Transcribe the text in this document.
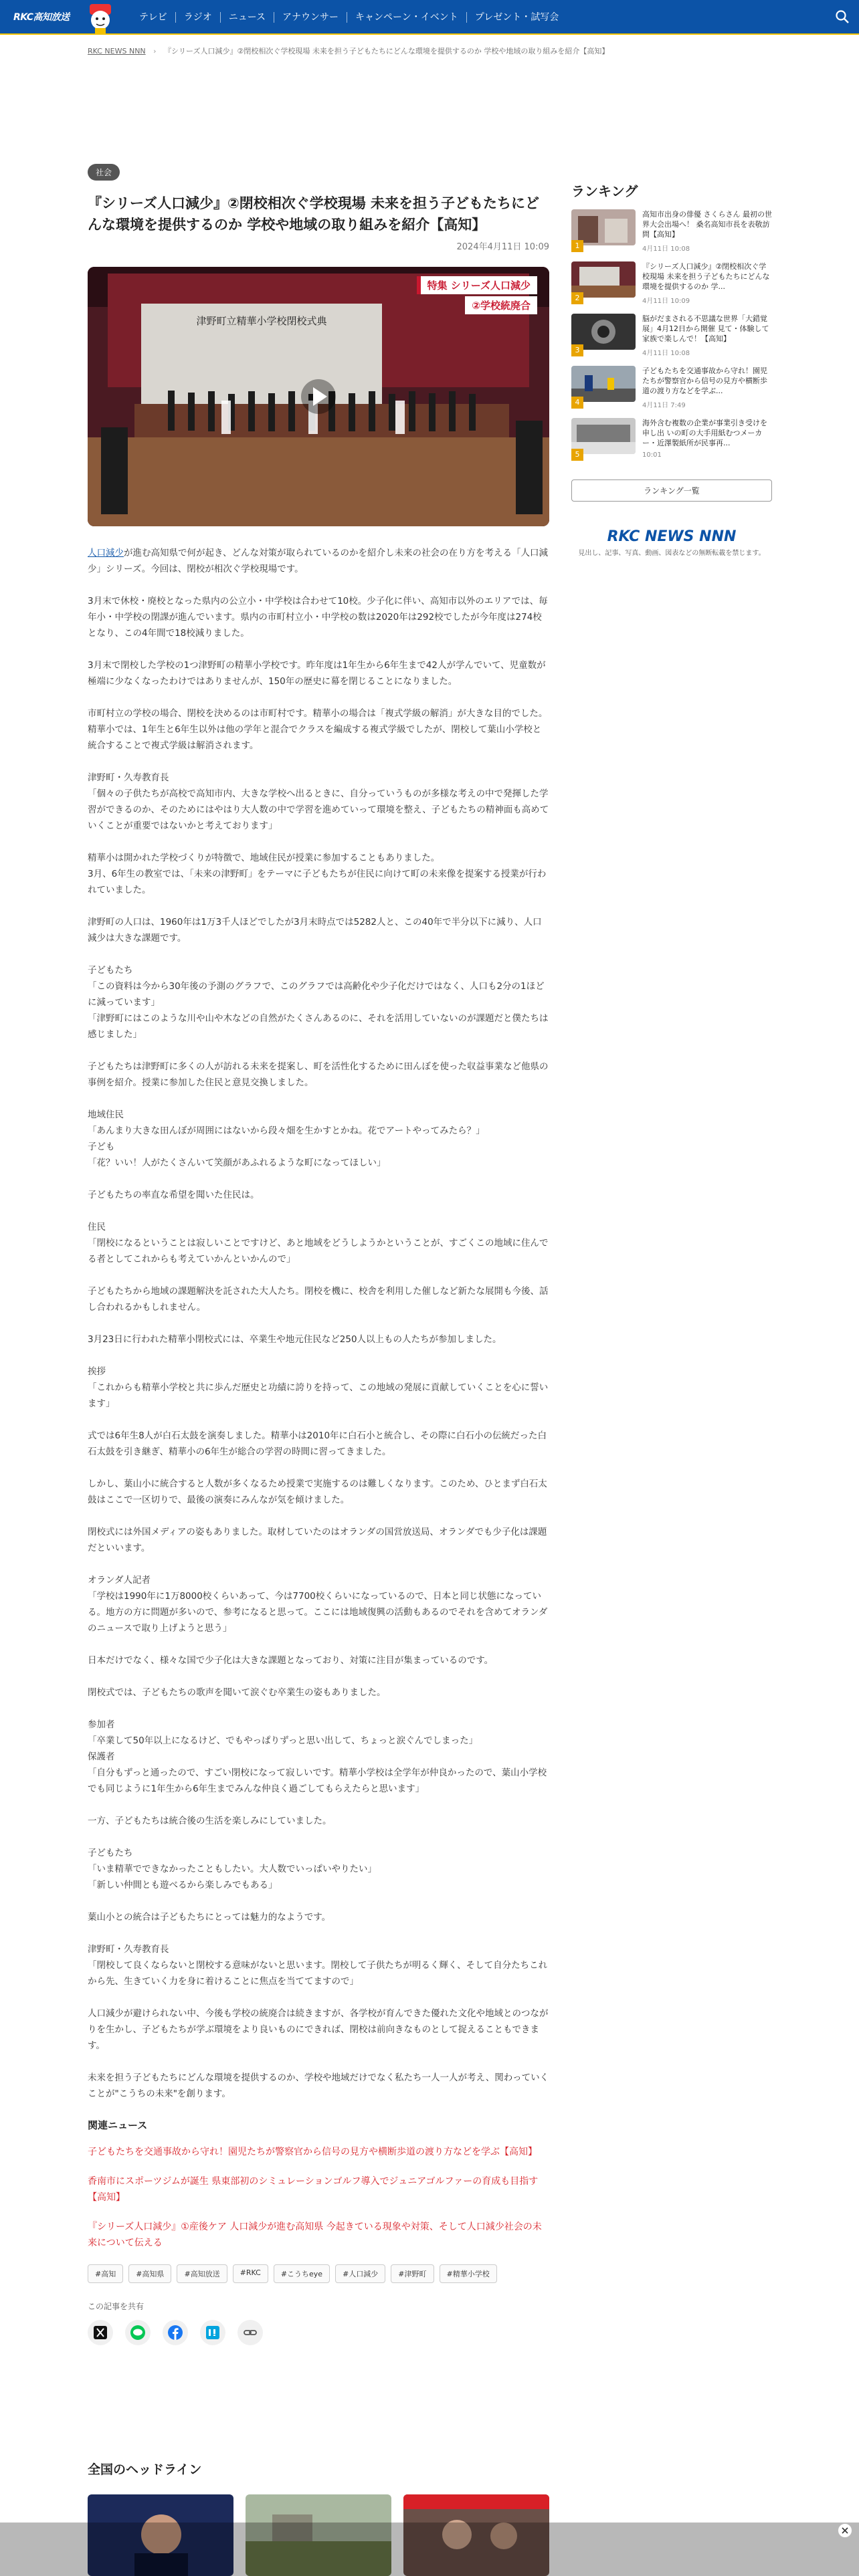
RKC高知放送	テレビ	ラジオ	ニュース	アナウンサー	キャンペーン・イベント	プレゼント・試写会
RKC NEWS NNN › 『シリーズ人口減少』②閉校相次ぐ学校現場 未来を担う子どもたちにどんな環境を提供するのか 学校や地域の取り組みを紹介【高知】
社会
『シリーズ人口減少』②閉校相次ぐ学校現場 未来を担う子どもたちにどんな環境を提供するのか 学校や地域の取り組みを紹介【高知】
2024年4月11日 10:09
津野町立精華小学校閉校式典
特集 シリーズ人口減少
②学校統廃合

人口減少が進む高知県で何が起き、どんな対策が取られているのかを紹介し未来の社会の在り方を考える「人口減少」シリーズ。今回は、閉校が相次ぐ学校現場です。

3月末で休校・廃校となった県内の公立小・中学校は合わせて10校。少子化に伴い、高知市以外のエリアでは、毎年小・中学校の閉課が進んでいます。県内の市町村立小・中学校の数は2020年は292校でしたが今年度は274校となり、この4年間で18校減りました。

3月末で閉校した学校の1つ津野町の精華小学校です。昨年度は1年生から6年生まで42人が学んでいて、児童数が極端に少なくなったわけではありませんが、150年の歴史に幕を閉じることになりました。

市町村立の学校の場合、閉校を決めるのは市町村です。精華小の場合は「複式学級の解消」が大きな目的でした。精華小では、1年生と6年生以外は他の学年と混合でクラスを編成する複式学級でしたが、閉校して葉山小学校と統合することで複式学級は解消されます。

津野町・久寿教育長
「個々の子供たちが高校で高知市内、大きな学校へ出るときに、自分っていうものが多様な考えの中で発揮した学習ができるのか、そのためにはやはり大人数の中で学習を進めていって環境を整え、子どもたちの精神面も高めていくことが重要ではないかと考えております」

精華小は開かれた学校づくりが特徴で、地域住民が授業に参加することもありました。
3月、6年生の教室では、「未来の津野町」をテーマに子どもたちが住民に向けて町の未来像を提案する授業が行われていました。

津野町の人口は、1960年は1万3千人ほどでしたが3月末時点では5282人と、この40年で半分以下に減り、人口減少は大きな課題です。

子どもたち
「この資料は今から30年後の予測のグラフで、このグラフでは高齢化や少子化だけではなく、人口も2分の1ほどに減っています」
「津野町にはこのような川や山や木などの自然がたくさんあるのに、それを活用していないのが課題だと僕たちは感じました」

子どもたちは津野町に多くの人が訪れる未来を提案し、町を活性化するために田んぼを使った収益事業など他県の事例を紹介。授業に参加した住民と意見交換しました。

地域住民
「あんまり大きな田んぼが周囲にはないから段々畑を生かすとかね。花でアートやってみたら？」
子ども
「花？いい！人がたくさんいて笑顔があふれるような町になってほしい」

子どもたちの率直な希望を聞いた住民は。

住民
「閉校になるということは寂しいことですけど、あと地域をどうしようかということが、すごくこの地域に住んでる者としてこれからも考えていかんといかんので」

子どもたちから地域の課題解決を託された大人たち。閉校を機に、校舎を利用した催しなど新たな展開も今後、話し合われるかもしれません。

3月23日に行われた精華小閉校式には、卒業生や地元住民など250人以上もの人たちが参加しました。

挨拶
「これからも精華小学校と共に歩んだ歴史と功績に誇りを持って、この地域の発展に貢献していくことを心に誓います」

式では6年生8人が白石太鼓を演奏しました。精華小は2010年に白石小と統合し、その際に白石小の伝統だった白石太鼓を引き継ぎ、精華小の6年生が総合の学習の時間に習ってきました。

しかし、葉山小に統合すると人数が多くなるため授業で実施するのは難しくなります。このため、ひとまず白石太鼓はここで一区切りで、最後の演奏にみんなが気を傾けました。

閉校式には外国メディアの姿もありました。取材していたのはオランダの国営放送局、オランダでも少子化は課題だといいます。

オランダ人記者
「学校は1990年に1万8000校くらいあって、今は7700校くらいになっているので、日本と同じ状態になっている。地方の方に問題が多いので、参考になると思って。ここには地域復興の活動もあるのでそれを含めてオランダのニュースで取り上げようと思う」

日本だけでなく、様々な国で少子化は大きな課題となっており、対策に注目が集まっているのです。

閉校式では、子どもたちの歌声を聞いて涙ぐむ卒業生の姿もありました。

参加者
「卒業して50年以上になるけど、でもやっぱりずっと思い出して、ちょっと涙ぐんでしまった」
保護者
「自分もずっと通ったので、すごい閉校になって寂しいです。精華小学校は全学年が仲良かったので、葉山小学校でも同じように1年生から6年生までみんな仲良く過ごしてもらえたらと思います」

一方、子どもたちは統合後の生活を楽しみにしていました。

子どもたち
「いま精華でできなかったこともしたい。大人数でいっぱいやりたい」
「新しい仲間とも遊べるから楽しみでもある」

葉山小との統合は子どもたちにとっては魅力的なようです。

津野町・久寿教育長
「閉校して良くならないと閉校する意味がないと思います。閉校して子供たちが明るく輝く、そして自分たちこれから先、生きていく力を身に着けることに焦点を当ててますので」

人口減少が避けられない中、今後も学校の統廃合は続きますが、各学校が育んできた優れた文化や地域とのつながりを生かし、子どもたちが学ぶ環境をより良いものにできれば、閉校は前向きなものとして捉えることもできます。

未来を担う子どもたちにどんな環境を提供するのか、学校や地域だけでなく私たち一人一人が考え、関わっていくことが"こうちの未来"を創ります。

関連ニュース
子どもたちを交通事故から守れ！園児たちが警察官から信号の見方や横断歩道の渡り方などを学ぶ【高知】
香南市にスポーツジムが誕生 県東部初のシミュレーションゴルフ導入でジュニアゴルファーの育成も目指す【高知】
『シリーズ人口減少』①産後ケア 人口減少が進む高知県 今起きている現象や対策、そして人口減少社会の未来について伝える
#高知	#高知県	#高知放送	#RKC	#こうちeye	#人口減少	#津野町	#精華小学校
この記事を共有
ランキング
1
高知市出身の俳優 さくらさん 最初の世界大会出場へ！ 桑名高知市長を表敬訪問【高知】
4月11日 10:08
2
『シリーズ人口減少』②閉校相次ぐ学校現場 未来を担う子どもたちにどんな環境を提供するのか 学...
4月11日 10:09
3
脳がだまされる不思議な世界「大錯覚展」4月12日から開催 見て・体験して家族で楽しんで！【高知】
4月11日 10:08
4
子どもたちを交通事故から守れ！園児たちが警察官から信号の見方や横断歩道の渡り方などを学ぶ...
4月11日 7:49
5
海外含む複数の企業が事業引き受けを申し出 いの町の大手用紙むつメーカー・近澤製紙所が民事再...
10:01
ランキング一覧
RKC NEWS NNN
見出し、記事、写真、動画、図表などの無断転載を禁じます。
全国のヘッドライン
